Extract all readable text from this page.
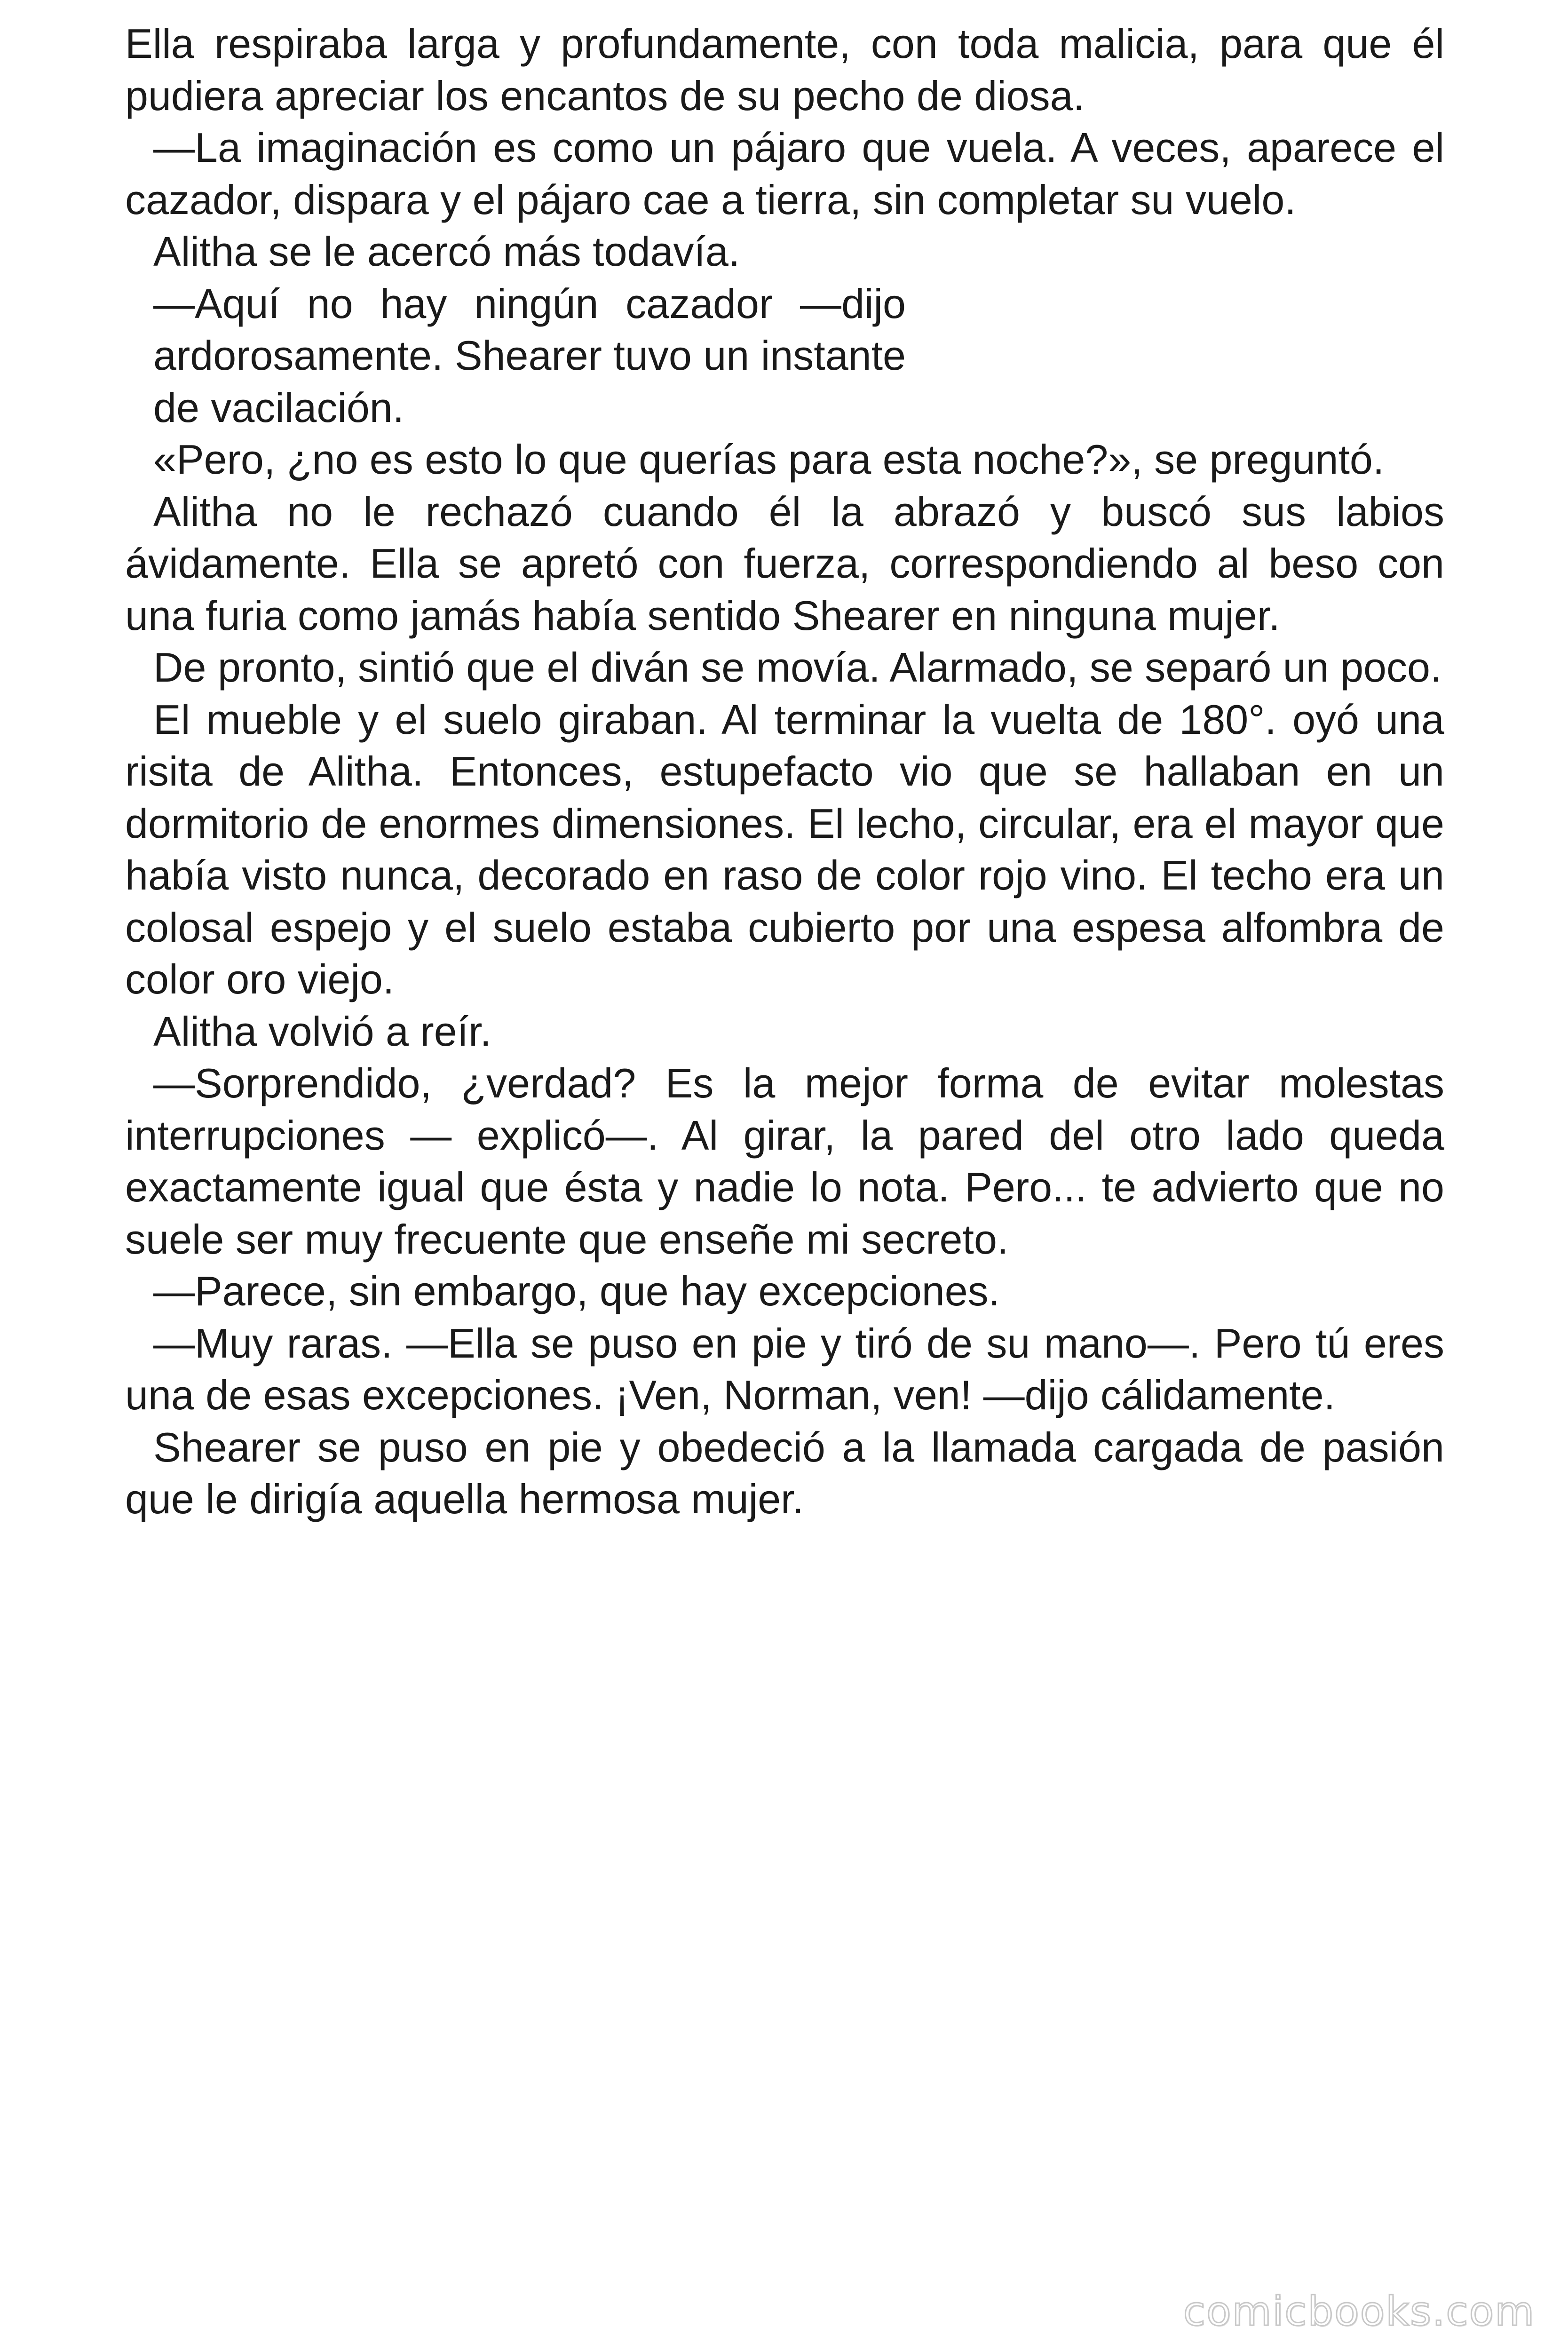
Ella respiraba larga y profundamente, con toda malicia, para que él pudiera apreciar los encantos de su pecho de diosa.

—La imaginación es como un pájaro que vuela. A veces, aparece el cazador, dispara y el pájaro cae a tierra, sin completar su vuelo.

Alitha se le acercó más todavía.

—Aquí no hay ningún cazador —dijo ardorosamente. Shearer tuvo un instante de vacilación.

«Pero, ¿no es esto lo que querías para esta noche?», se preguntó.

Alitha no le rechazó cuando él la abrazó y buscó sus labios ávidamente. Ella se apretó con fuerza, correspondiendo al beso con una furia como jamás había sentido Shearer en ninguna mujer.

De pronto, sintió que el diván se movía. Alarmado, se separó un poco.

El mueble y el suelo giraban. Al terminar la vuelta de 180°. oyó una risita de Alitha. Entonces, estupefacto vio que se hallaban en un dormitorio de enormes dimensiones. El lecho, circular, era el mayor que había visto nunca, decorado en raso de color rojo vino. El techo era un colosal espejo y el suelo estaba cubierto por una espesa alfombra de color oro viejo.

Alitha volvió a reír.

—Sorprendido, ¿verdad? Es la mejor forma de evitar molestas interrupciones — explicó—. Al girar, la pared del otro lado queda exactamente igual que ésta y nadie lo nota. Pero... te advierto que no suele ser muy frecuente que enseñe mi secreto.

—Parece, sin embargo, que hay excepciones.

—Muy raras. —Ella se puso en pie y tiró de su mano—. Pero tú eres una de esas excepciones. ¡Ven, Norman, ven! —dijo cálidamente.

Shearer se puso en pie y obedeció a la llamada cargada de pasión que le dirigía aquella hermosa mujer.

comicbooks.com
